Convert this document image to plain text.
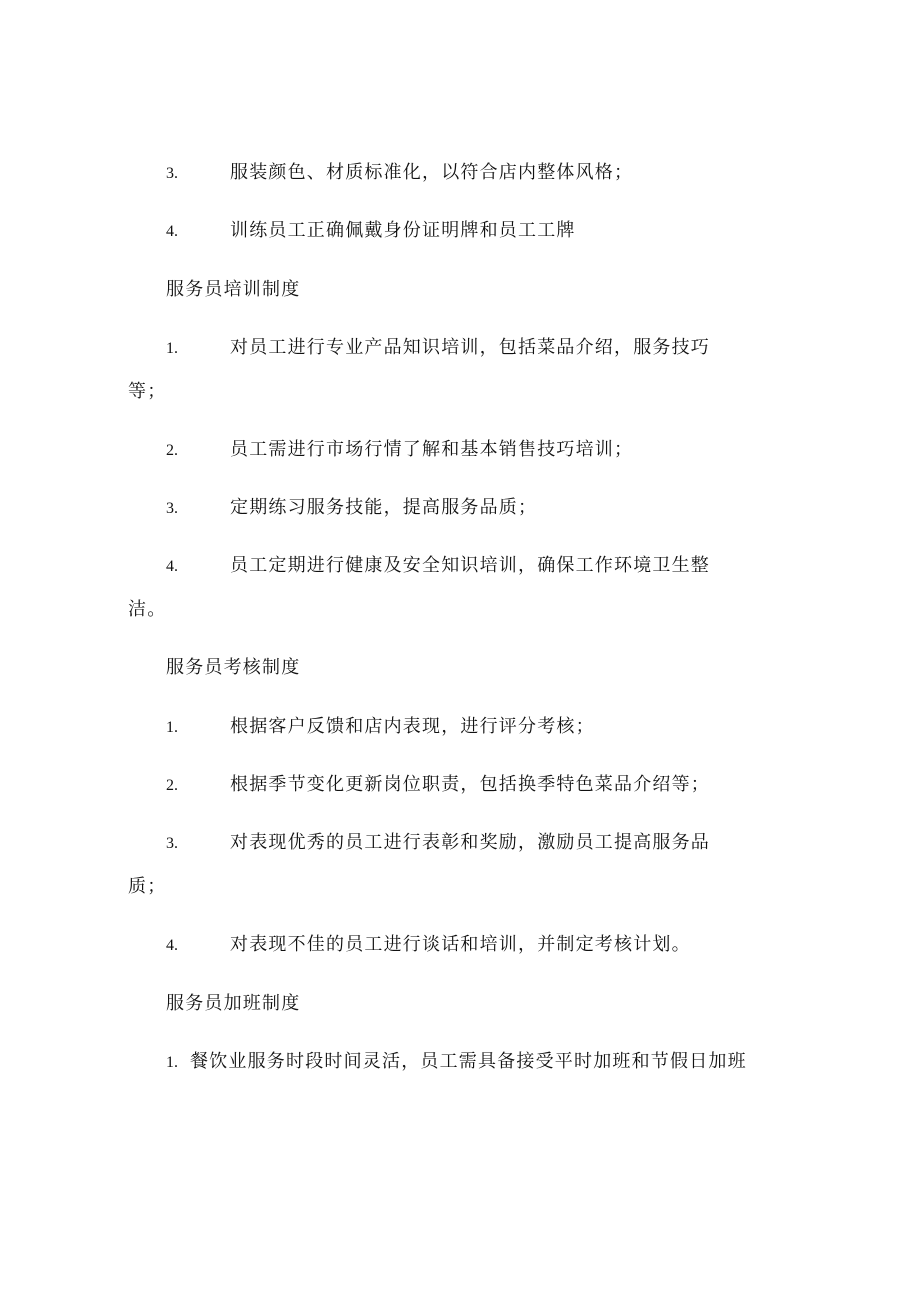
3.	服装颜色、材质标准化，以符合店内整体风格；
4.	训练员工正确佩戴身份证明牌和员工工牌
服务员培训制度
1.	对员工进行专业产品知识培训，包括菜品介绍，服务技巧
等；
2.	员工需进行市场行情了解和基本销售技巧培训；
3.	定期练习服务技能，提高服务品质；
4.	员工定期进行健康及安全知识培训，确保工作环境卫生整
洁。
服务员考核制度
1.	根据客户反馈和店内表现，进行评分考核；
2.	根据季节变化更新岗位职责，包括换季特色菜品介绍等；
3.	对表现优秀的员工进行表彰和奖励，激励员工提高服务品
质；
4.	对表现不佳的员工进行谈话和培训，并制定考核计划。
服务员加班制度
1. 餐饮业服务时段时间灵活，员工需具备接受平时加班和节假日加班
